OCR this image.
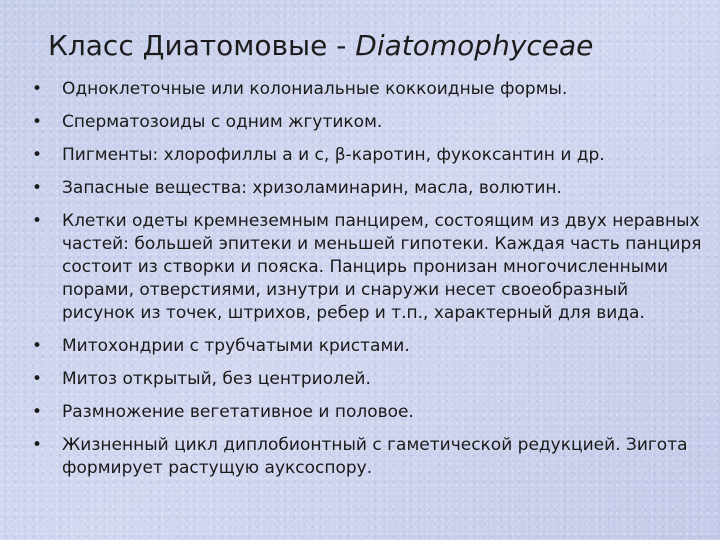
Класс Диатомовые - Diatomophyceae
• Одноклеточные или колониальные коккоидные формы.
• Сперматозоиды с одним жгутиком.
• Пигменты: хлорофиллы а и с, β-каротин, фукоксантин и др.
• Запасные вещества: хризоламинарин, масла, волютин.
• Клетки одеты кремнеземным панцирем, состоящим из двух неравных частей: большей эпитеки и меньшей гипотеки. Каждая часть панциря состоит из створки и пояска. Панцирь пронизан многочисленными порами, отверстиями, изнутри и снаружи несет своеобразный рисунок из точек, штрихов, ребер и т.п., характерный для вида.
• Митохондрии с трубчатыми кристами.
• Митоз открытый, без центриолей.
• Размножение вегетативное и половое.
• Жизненный цикл диплобионтный с гаметической редукцией. Зигота формирует растущую ауксоспору.
